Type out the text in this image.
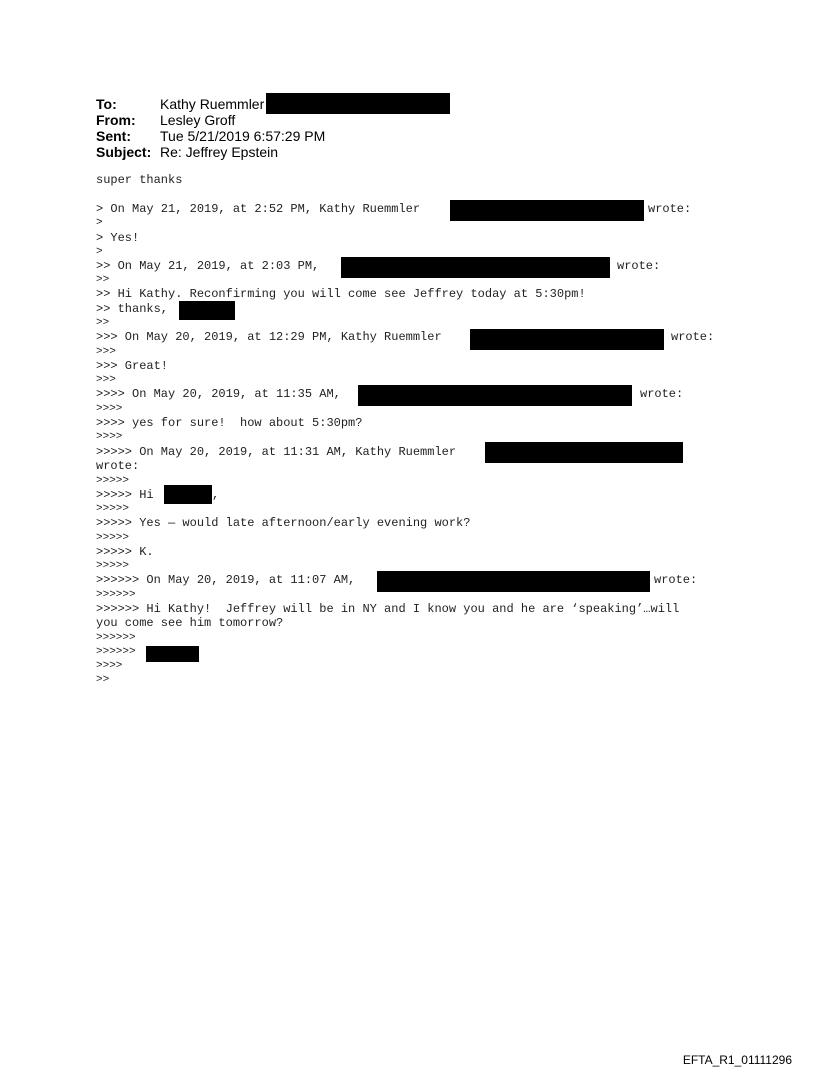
To:	Kathy Ruemmler
From:	Lesley Groff
Sent:	Tue 5/21/2019 6:57:29 PM
Subject: Re: Jeffrey Epstein
super thanks
> On May 21, 2019, at 2:52 PM, Kathy Ruemmler	wrote:
>
> Yes!
>
>> On May 21, 2019, at 2:03 PM,	wrote:
>>
>> Hi Kathy. Reconfirming you will come see Jeffrey today at 5:30pm!
>> thanks,
>>
>>> On May 20, 2019, at 12:29 PM, Kathy Ruemmler	wrote:
>>>
>>> Great!
>>>
>>>> On May 20, 2019, at 11:35 AM,	wrote:
>>>>
>>>> yes for sure!  how about 5:30pm?
>>>>
>>>>> On May 20, 2019, at 11:31 AM, Kathy Ruemmler
wrote:
>>>>>
>>>>> Hi	,
>>>>>
>>>>> Yes — would late afternoon/early evening work?
>>>>>
>>>>> K.
>>>>>
>>>>>> On May 20, 2019, at 11:07 AM,	wrote:
>>>>>>
>>>>>> Hi Kathy!  Jeffrey will be in NY and I know you and he are ‘speaking’…will
you come see him tomorrow?
>>>>>>
>>>>>>
>>>>
>>
EFTA_R1_01111296
